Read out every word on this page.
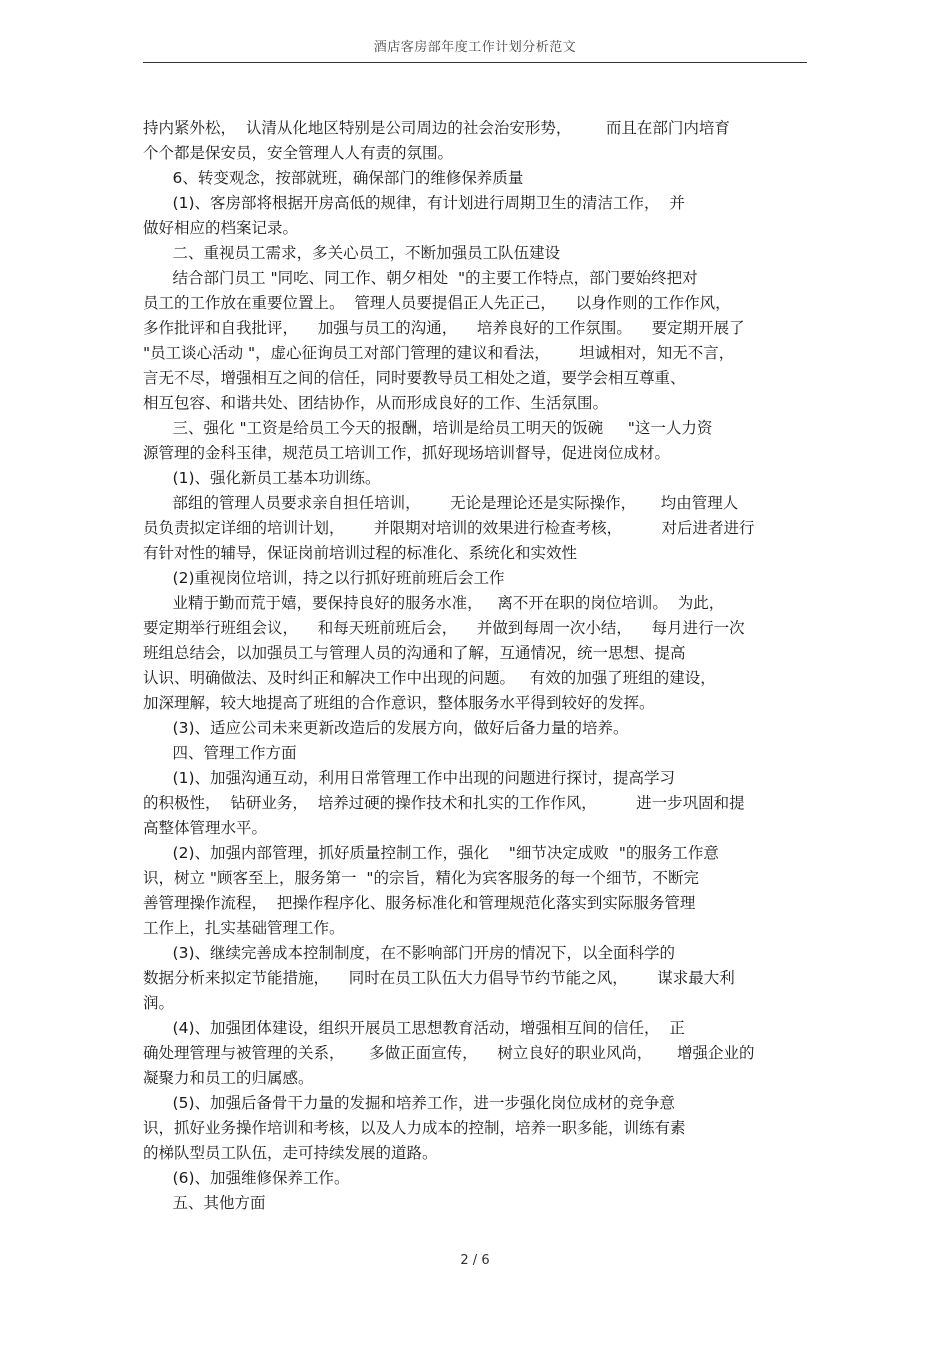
酒店客房部年度工作计划分析范文
持内紧外松，  认清从化地区特别是公司周边的社会治安形势，       而且在部门内培育
个个都是保安员，安全管理人人有责的氛围。
6、转变观念，按部就班，确保部门的维修保养质量
(1)、客房部将根据开房高低的规律，有计划进行周期卫生的清洁工作，  并
做好相应的档案记录。
二、重视员工需求，多关心员工，不断加强员工队伍建设
结合部门员工 "同吃、同工作、朝夕相处  "的主要工作特点，部门要始终把对
员工的工作放在重要位置上。  管理人员要提倡正人先正己，    以身作则的工作作风，
多作批评和自我批评，    加强与员工的沟通，    培养良好的工作氛围。    要定期开展了
"员工谈心活动 "，虚心征询员工对部门管理的建议和看法，      坦诚相对，知无不言，
言无不尽，增强相互之间的信任，同时要教导员工相处之道，要学会相互尊重、
相互包容、和谐共处、团结协作，从而形成良好的工作、生活氛围。
三、强化 "工资是给员工今天的报酬，培训是给员工明天的饭碗     "这一人力资
源管理的金科玉律，规范员工培训工作，抓好现场培训督导，促进岗位成材。
(1)、强化新员工基本功训练。
部组的管理人员要求亲自担任培训，      无论是理论还是实际操作，     均由管理人
员负责拟定详细的培训计划，      并限期对培训的效果进行检查考核，        对后进者进行
有针对性的辅导，保证岗前培训过程的标准化、系统化和实效性
(2)重视岗位培训，持之以行抓好班前班后会工作
业精于勤而荒于嬉，要保持良好的服务水准，   离不开在职的岗位培训。  为此，
要定期举行班组会议，    和每天班前班后会，    并做到每周一次小结，    每月进行一次
班组总结会，以加强员工与管理人员的沟通和了解，互通情况，统一思想、提高
认识、明确做法、及时纠正和解决工作中出现的问题。   有效的加强了班组的建设，
加深理解，较大地提高了班组的合作意识，整体服务水平得到较好的发挥。
(3)、适应公司未来更新改造后的发展方向，做好后备力量的培养。
四、管理工作方面
(1)、加强沟通互动，利用日常管理工作中出现的问题进行探讨，提高学习
的积极性，  钻研业务，  培养过硬的操作技术和扎实的工作作风，        进一步巩固和提
高整体管理水平。
(2)、加强内部管理，抓好质量控制工作，强化    "细节决定成败  "的服务工作意
识，树立 "顾客至上，服务第一  "的宗旨，精化为宾客服务的每一个细节，不断完
善管理操作流程，  把操作程序化、服务标准化和管理规范化落实到实际服务管理
工作上，扎实基础管理工作。
(3)、继续完善成本控制制度，在不影响部门开房的情况下，以全面科学的
数据分析来拟定节能措施，    同时在员工队伍大力倡导节约节能之风，      谋求最大利
润。
(4)、加强团体建设，组织开展员工思想教育活动，增强相互间的信任，  正
确处理管理与被管理的关系，     多做正面宣传，    树立良好的职业风尚，     增强企业的
凝聚力和员工的归属感。
(5)、加强后备骨干力量的发掘和培养工作，进一步强化岗位成材的竞争意
识，抓好业务操作培训和考核，以及人力成本的控制，培养一职多能，训练有素
的梯队型员工队伍，走可持续发展的道路。
(6)、加强维修保养工作。
五、其他方面
2 / 6
